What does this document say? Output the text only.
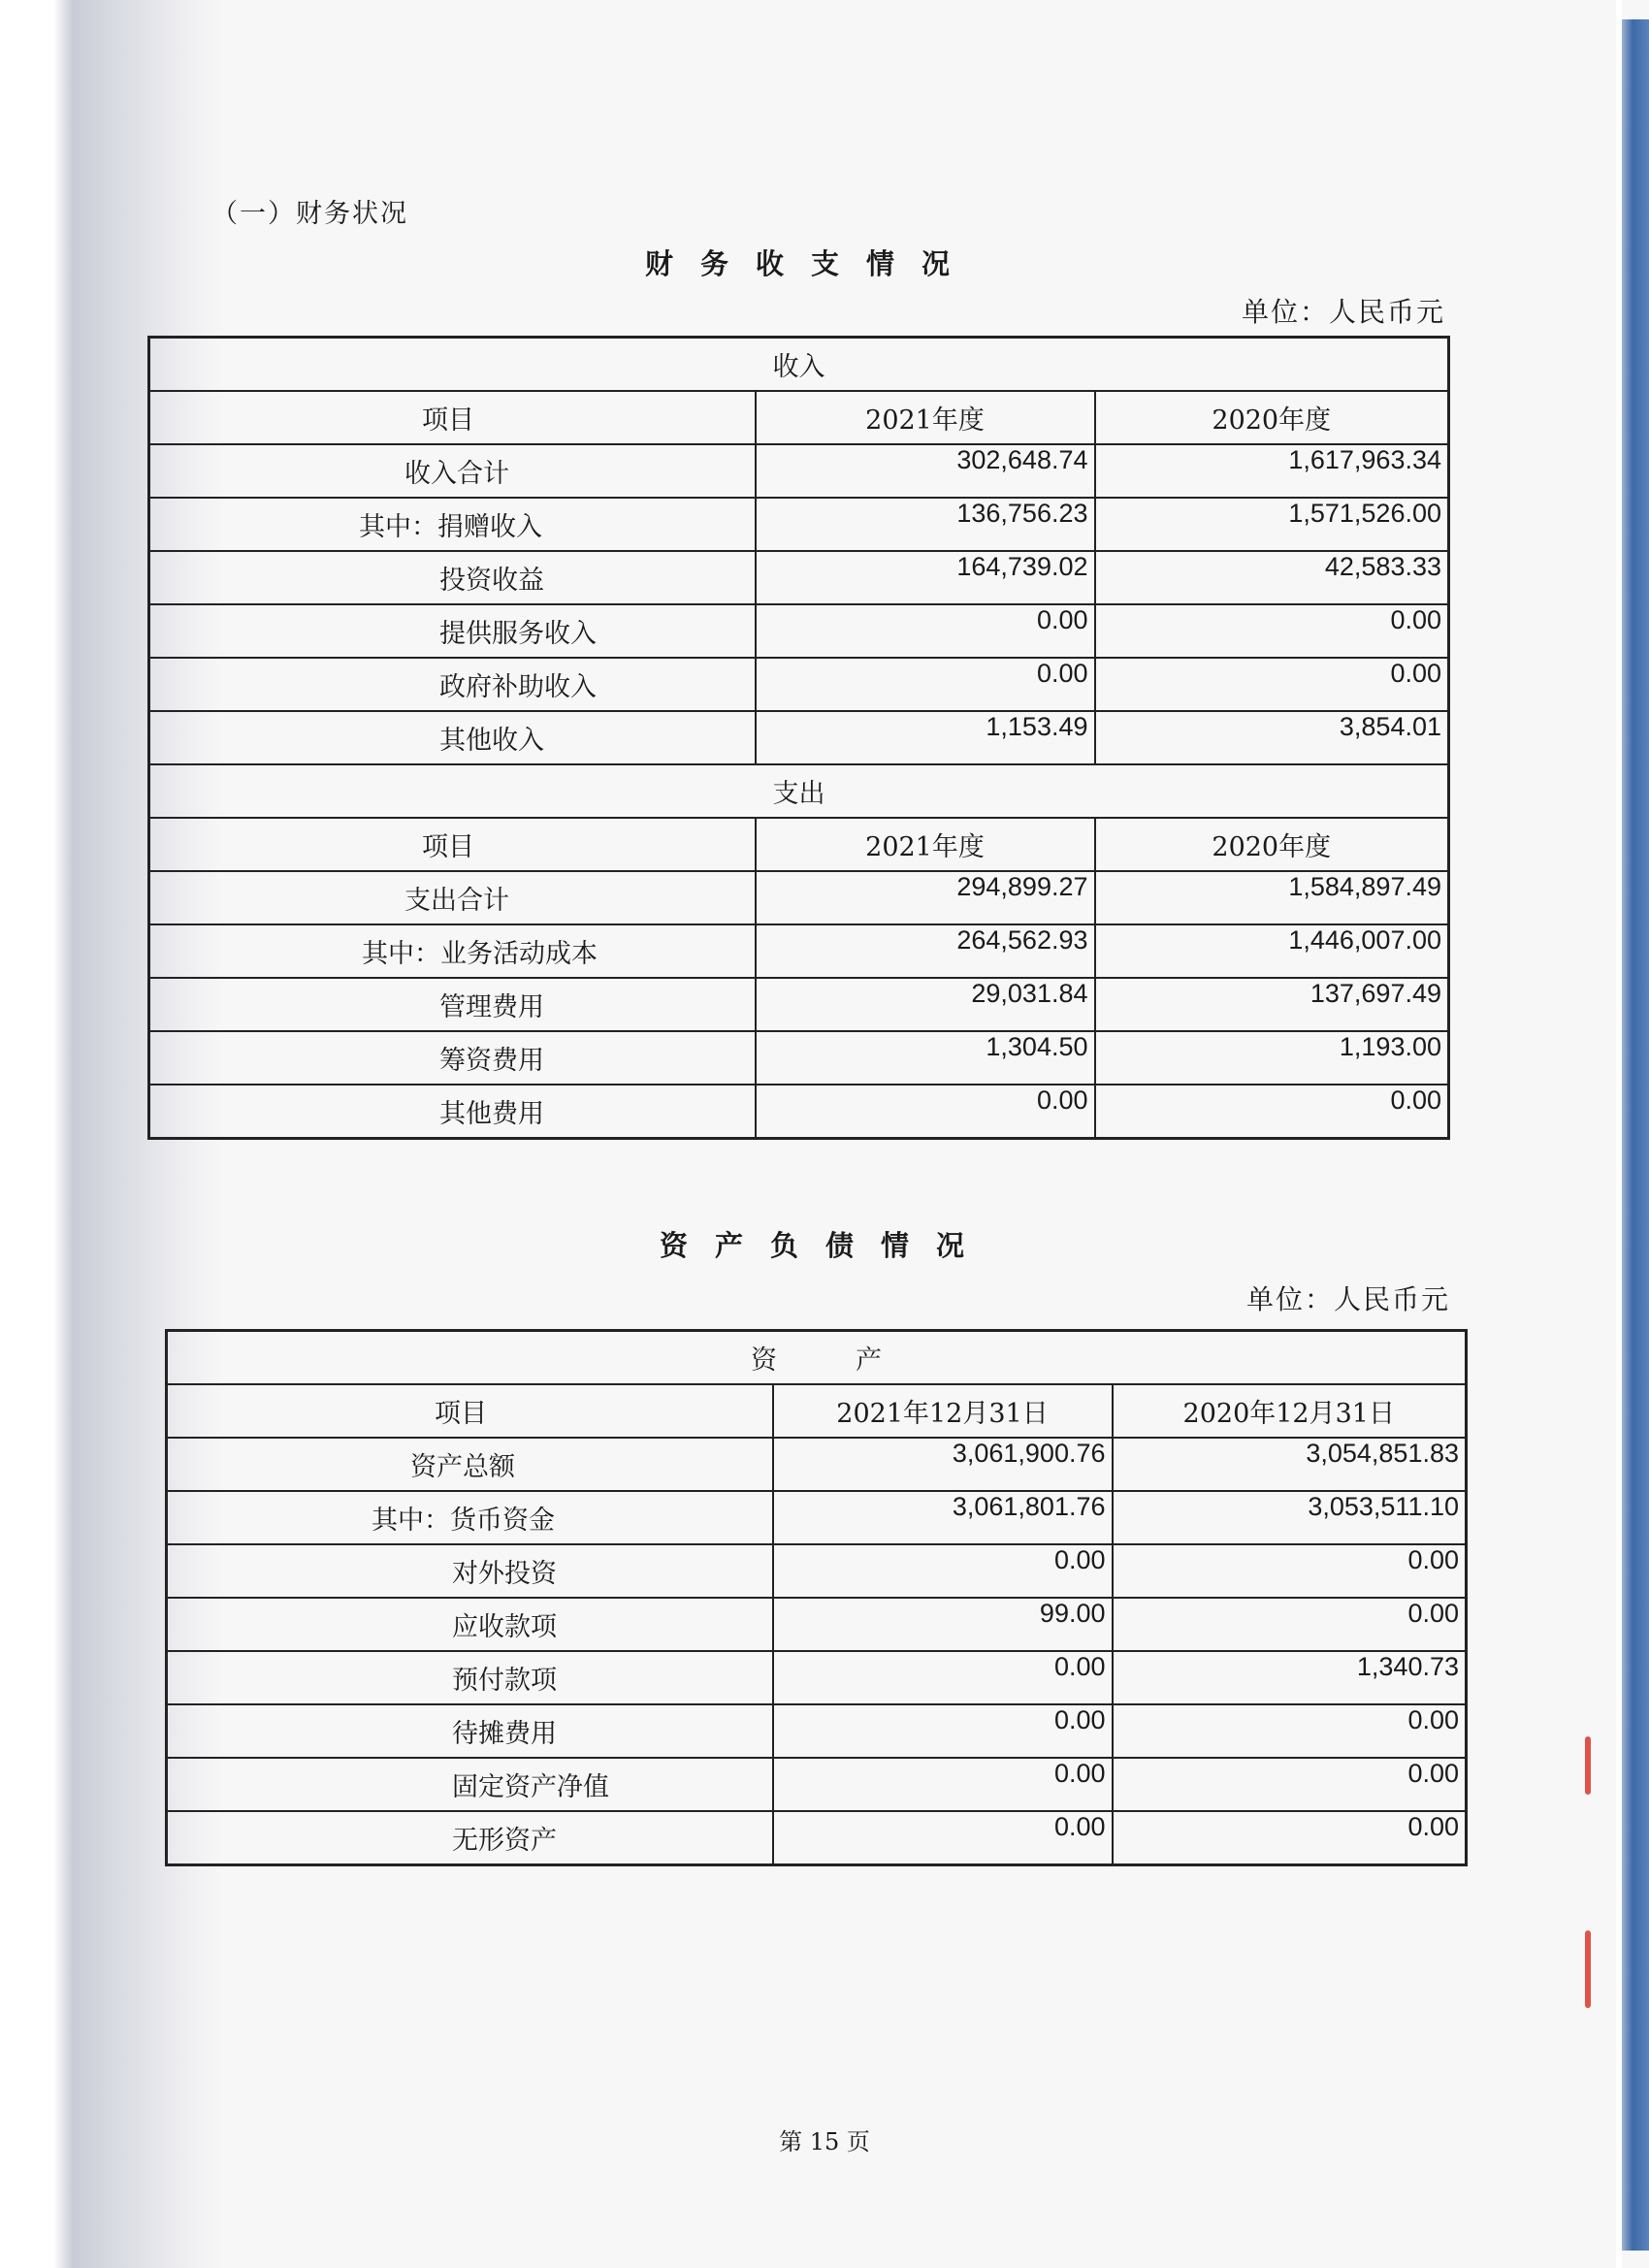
（一）财务状况
财务收支情况
单位：人民币元
收入		
项目	2021年度	2020年度
收入合计	302,648.74	1,617,963.34
其中：捐赠收入	136,756.23	1,571,526.00
投资收益	164,739.02	42,583.33
提供服务收入	0.00	0.00
政府补助收入	0.00	0.00
其他收入	1,153.49	3,854.01
支出		
项目	2021年度	2020年度
支出合计	294,899.27	1,584,897.49
其中：业务活动成本	264,562.93	1,446,007.00
管理费用	29,031.84	137,697.49
筹资费用	1,304.50	1,193.00
其他费用	0.00	0.00
资产负债情况
单位：人民币元
资　　　产		
项目	2021年12月31日	2020年12月31日
资产总额	3,061,900.76	3,054,851.83
其中：货币资金	3,061,801.76	3,053,511.10
对外投资	0.00	0.00
应收款项	99.00	0.00
预付款项	0.00	1,340.73
待摊费用	0.00	0.00
固定资产净值	0.00	0.00
无形资产	0.00	0.00
第 15 页
